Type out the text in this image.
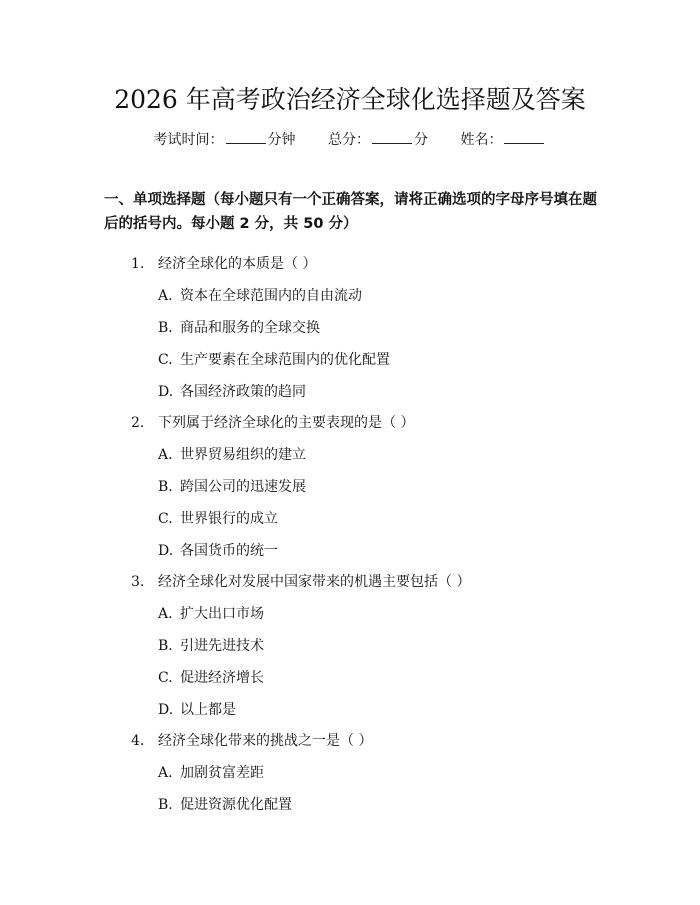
2026 年高考政治经济全球化选择题及答案
考试时间：	分钟 总分：	分 姓名：
一、单项选择题（每小题只有一个正确答案，请将正确选项的字母序号填在题后的括号内。每小题 2 分，共 50 分）
1. 经济全球化的本质是（ ）
A. 资本在全球范围内的自由流动
B. 商品和服务的全球交换
C. 生产要素在全球范围内的优化配置
D. 各国经济政策的趋同
2. 下列属于经济全球化的主要表现的是（ ）
A. 世界贸易组织的建立
B. 跨国公司的迅速发展
C. 世界银行的成立
D. 各国货币的统一
3. 经济全球化对发展中国家带来的机遇主要包括（ ）
A. 扩大出口市场
B. 引进先进技术
C. 促进经济增长
D. 以上都是
4. 经济全球化带来的挑战之一是（ ）
A. 加剧贫富差距
B. 促进资源优化配置
